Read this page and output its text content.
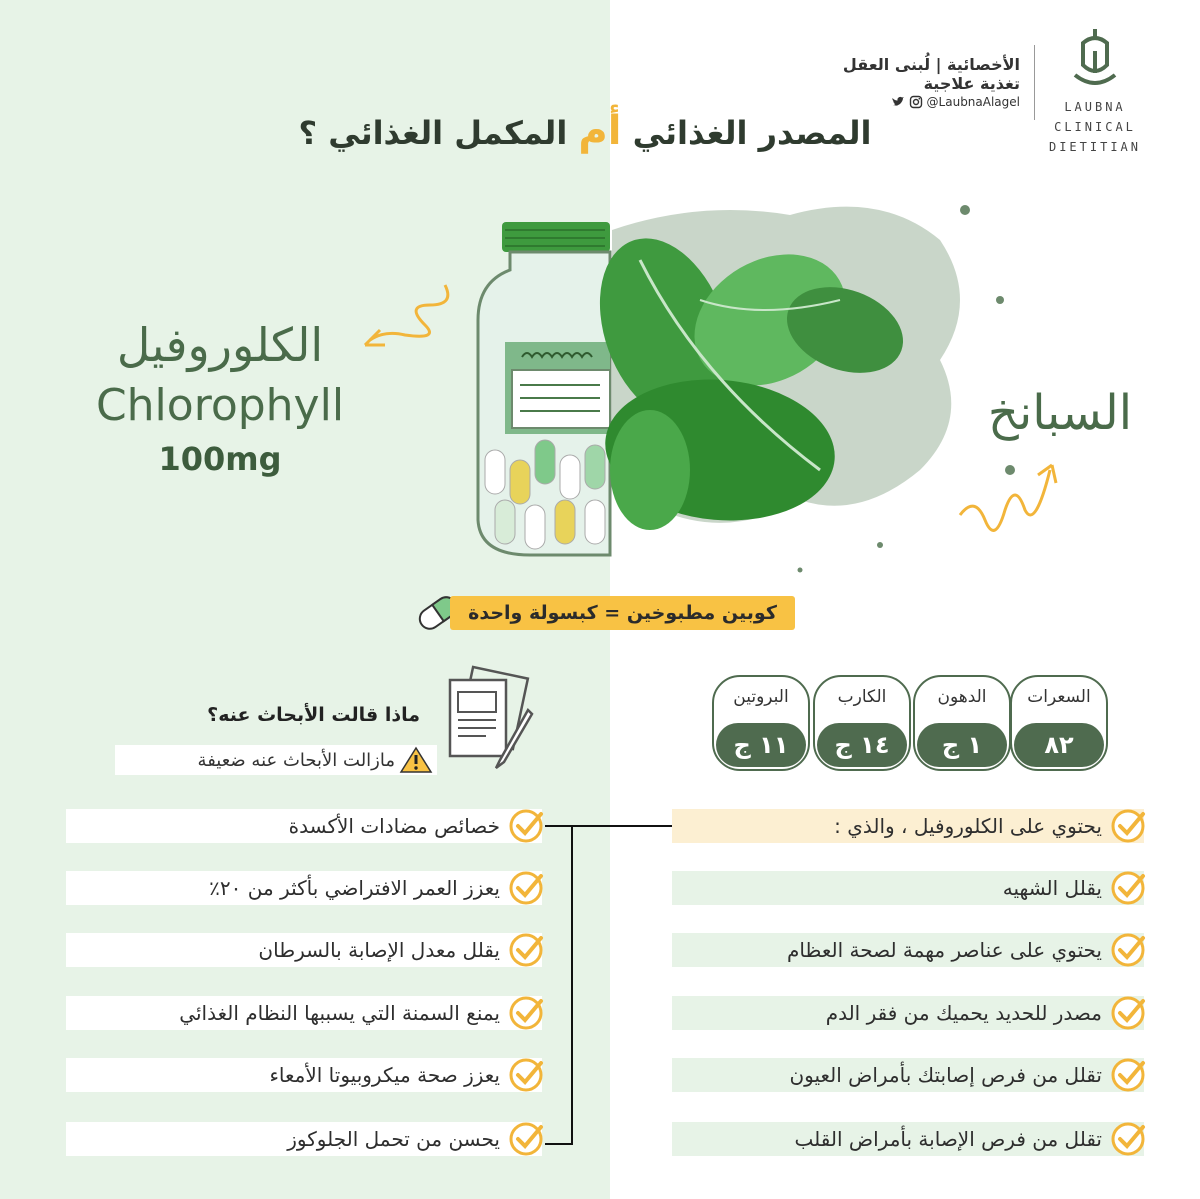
LAUBNA
CLINICAL
DIETITIAN
الأخصائية | لُبنى العقل
تغذية علاجية
@LaubnaAlagel
المصدر الغذائي أم المكمل الغذائي ؟
الكلوروفيل
Chlorophyll
100mg
السبانخ
كوبين مطبوخين = كبسولة واحدة
ماذا قالت الأبحاث عنه؟
مازالت الأبحاث عنه ضعيفة
السعرات
٨٢
الدهون
١ ج
الكارب
١٤ ج
البروتين
١١ ج
خصائص مضادات الأكسدة
يعزز العمر الافتراضي بأكثر من ٢٠٪
يقلل معدل الإصابة بالسرطان
يمنع السمنة التي يسببها النظام الغذائي
يعزز صحة ميكروبيوتا الأمعاء
يحسن من تحمل الجلوكوز
يحتوي على الكلوروفيل ، والذي :
يقلل الشهيه
يحتوي على عناصر مهمة لصحة العظام
مصدر للحديد يحميك من فقر الدم
تقلل من فرص إصابتك بأمراض العيون
تقلل من فرص الإصابة بأمراض القلب
